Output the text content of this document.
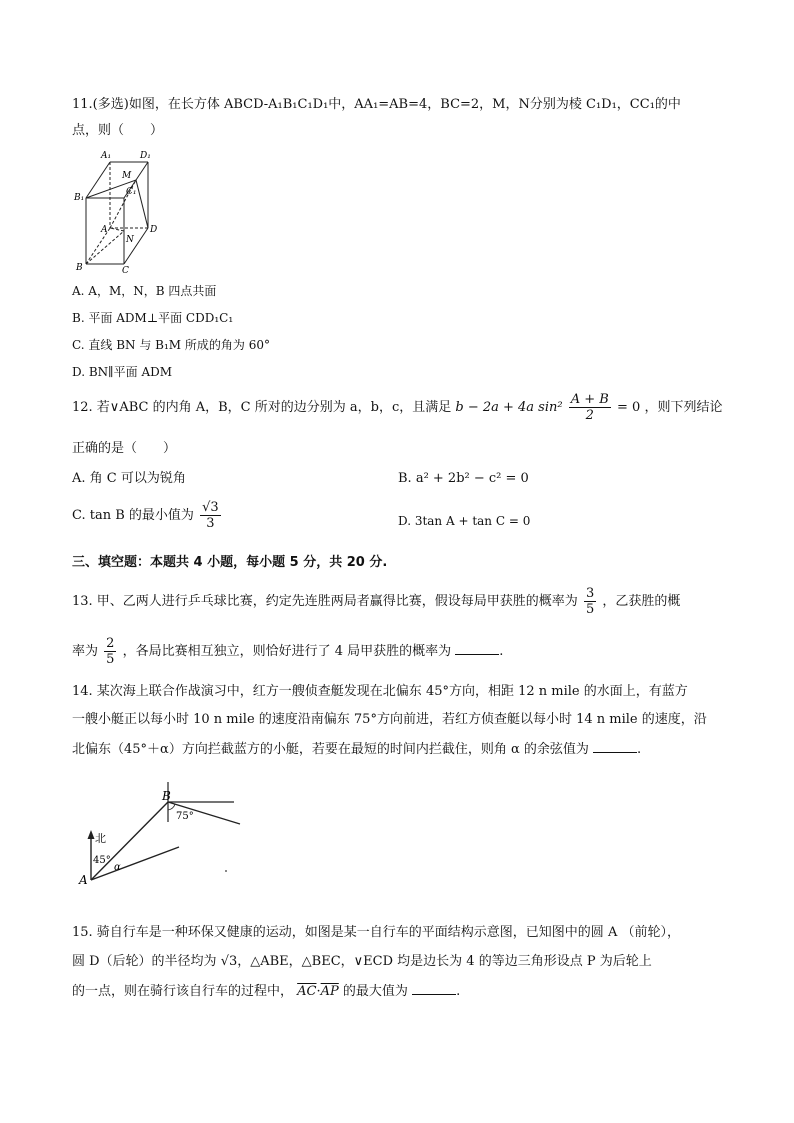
11.(多选)如图，在长方体 ABCD-A₁B₁C₁D₁中，AA₁=AB=4，BC=2，M，N分别为棱 C₁D₁，CC₁的中
点，则（　　）
A₁	D₁
M
B₁
C₁
A
N
D
B	C
A. A，M，N，B 四点共面
B. 平面 ADM⊥平面 CDD₁C₁
C. 直线 BN 与 B₁M 所成的角为 60°
D. BN∥平面 ADM
12. 若∨ABC 的内角 A，B，C 所对的边分别为 a，b，c，且满足 b − 2a + 4a $\sin^2 \frac{A + B}{2} = 0$ ，则下列结论
正确的是（　　）
A. 角 C 可以为锐角	B. a² + 2b² − c² = 0
C. tan B 的最小值为 $\frac{√3}{3}$	D. 3tan A + tan C = 0
三、填空题：本题共 4 小题，每小题 5 分，共 20 分.
13. 甲、乙两人进行乒乓球比赛，约定先连胜两局者赢得比赛，假设每局甲获胜的概率为 $\frac{3}{5}$ ，乙获胜的概
率为 $\frac{2}{5}$ ，各局比赛相互独立，则恰好进行了 4 局甲获胜的概率为	.
14. 某次海上联合作战演习中，红方一艘侦查艇发现在北偏东 45°方向，相距 12 n mile 的水面上，有蓝方
一艘小艇正以每小时 10 n mile 的速度沿南偏东 75°方向前进，若红方侦查艇以每小时 14 n mile 的速度，沿
北偏东（45°＋α）方向拦截蓝方的小艇，若要在最短的时间内拦截住，则角 α 的余弦值为	.
B
75°
北
45°
α
A
15. 骑自行车是一种环保又健康的运动，如图是某一自行车的平面结构示意图，已知图中的圆 A （前轮），
圆 D（后轮）的半径均为 √3，△ABE，△BEC，∨ECD 均是边长为 4 的等边三角形设点 P 为后轮上
的一点，则在骑行该自行车的过程中， $\overline{AC}\cdot\overline{AP}$ 的最大值为	.
